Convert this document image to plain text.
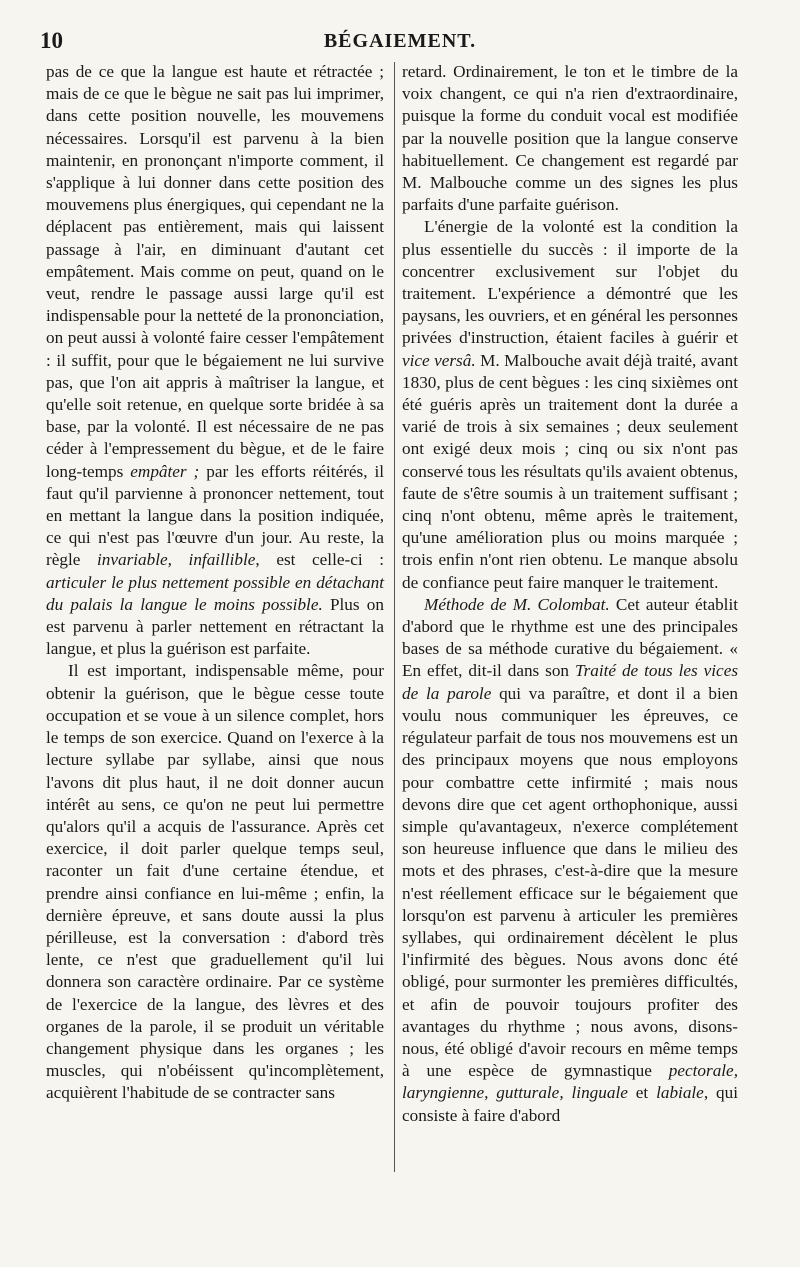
10	BÉGAIEMENT.

pas de ce que la langue est haute et rétractée ; mais de ce que le bègue ne sait pas lui imprimer, dans cette position nouvelle, les mouvemens nécessaires. Lorsqu'il est parvenu à la bien maintenir, en prononçant n'importe comment, il s'applique à lui donner dans cette position des mouvemens plus énergiques, qui cependant ne la déplacent pas entièrement, mais qui laissent passage à l'air, en diminuant d'autant cet empâtement. Mais comme on peut, quand on le veut, rendre le passage aussi large qu'il est indispensable pour la netteté de la prononciation, on peut aussi à volonté faire cesser l'empâtement : il suffit, pour que le bégaiement ne lui survive pas, que l'on ait appris à maîtriser la langue, et qu'elle soit retenue, en quelque sorte bridée à sa base, par la volonté. Il est nécessaire de ne pas céder à l'empressement du bègue, et de le faire long-temps empâter ; par les efforts réitérés, il faut qu'il parvienne à prononcer nettement, tout en mettant la langue dans la position indiquée, ce qui n'est pas l'œuvre d'un jour. Au reste, la règle invariable, infaillible, est celle-ci : articuler le plus nettement possible en détachant du palais la langue le moins possible. Plus on est parvenu à parler nettement en rétractant la langue, et plus la guérison est parfaite.

Il est important, indispensable même, pour obtenir la guérison, que le bègue cesse toute occupation et se voue à un silence complet, hors le temps de son exercice. Quand on l'exerce à la lecture syllabe par syllabe, ainsi que nous l'avons dit plus haut, il ne doit donner aucun intérêt au sens, ce qu'on ne peut lui permettre qu'alors qu'il a acquis de l'assurance. Après cet exercice, il doit parler quelque temps seul, raconter un fait d'une certaine étendue, et prendre ainsi confiance en lui-même ; enfin, la dernière épreuve, et sans doute aussi la plus périlleuse, est la conversation : d'abord très lente, ce n'est que graduellement qu'il lui donnera son caractère ordinaire. Par ce système de l'exercice de la langue, des lèvres et des organes de la parole, il se produit un véritable changement physique dans les organes ; les muscles, qui n'obéissent qu'incomplètement, acquièrent l'habitude de se contracter sans

retard. Ordinairement, le ton et le timbre de la voix changent, ce qui n'a rien d'extraordinaire, puisque la forme du conduit vocal est modifiée par la nouvelle position que la langue conserve habituellement. Ce changement est regardé par M. Malbouche comme un des signes les plus parfaits d'une parfaite guérison.

L'énergie de la volonté est la condition la plus essentielle du succès : il importe de la concentrer exclusivement sur l'objet du traitement. L'expérience a démontré que les paysans, les ouvriers, et en général les personnes privées d'instruction, étaient faciles à guérir et vice versâ. M. Malbouche avait déjà traité, avant 1830, plus de cent bègues : les cinq sixièmes ont été guéris après un traitement dont la durée a varié de trois à six semaines ; deux seulement ont exigé deux mois ; cinq ou six n'ont pas conservé tous les résultats qu'ils avaient obtenus, faute de s'être soumis à un traitement suffisant ; cinq n'ont obtenu, même après le traitement, qu'une amélioration plus ou moins marquée ; trois enfin n'ont rien obtenu. Le manque absolu de confiance peut faire manquer le traitement.

Méthode de M. Colombat. Cet auteur établit d'abord que le rhythme est une des principales bases de sa méthode curative du bégaiement. « En effet, dit-il dans son Traité de tous les vices de la parole qui va paraître, et dont il a bien voulu nous communiquer les épreuves, ce régulateur parfait de tous nos mouvemens est un des principaux moyens que nous employons pour combattre cette infirmité ; mais nous devons dire que cet agent orthophonique, aussi simple qu'avantageux, n'exerce complétement son heureuse influence que dans le milieu des mots et des phrases, c'est-à-dire que la mesure n'est réellement efficace sur le bégaiement que lorsqu'on est parvenu à articuler les premières syllabes, qui ordinairement décèlent le plus l'infirmité des bègues. Nous avons donc été obligé, pour surmonter les premières difficultés, et afin de pouvoir toujours profiter des avantages du rhythme ; nous avons, disons-nous, été obligé d'avoir recours en même temps à une espèce de gymnastique pectorale, laryngienne, gutturale, linguale et labiale, qui consiste à faire d'abord
